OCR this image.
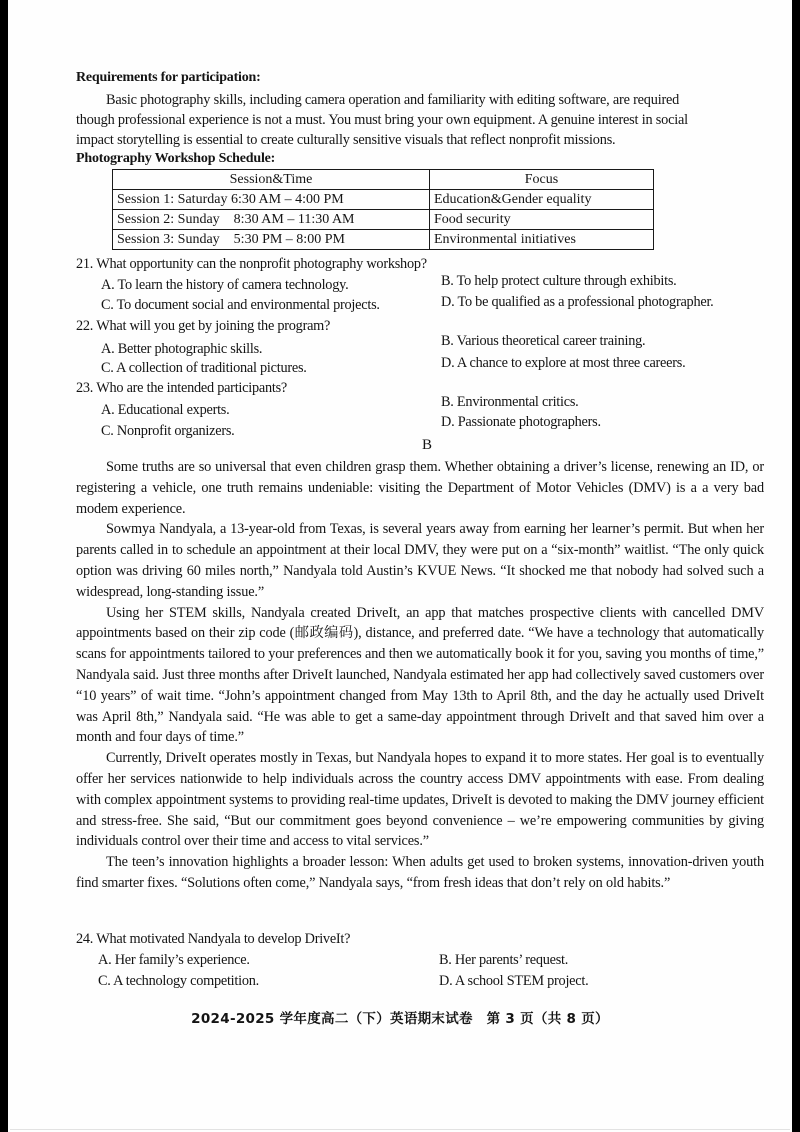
Requirements for participation:
Basic photography skills, including camera operation and familiarity with editing software, are required
though professional experience is not a must. You must bring your own equipment. A genuine interest in social
impact storytelling is essential to create culturally sensitive visuals that reflect nonprofit missions.
Photography Workshop Schedule:
Session&Time	Focus
Session 1: Saturday 6:30 AM – 4:00 PM	Education&Gender equality
Session 2: Sunday    8:30 AM – 11:30 AM	Food security
Session 3: Sunday    5:30 PM – 8:00 PM	Environmental initiatives
21. What opportunity can the nonprofit photography workshop?
A. To learn the history of camera technology.	B. To help protect culture through exhibits.
C. To document social and environmental projects.	D. To be qualified as a professional photographer.
22. What will you get by joining the program?
A. Better photographic skills.	B. Various theoretical career training.
C. A collection of traditional pictures.	D. A chance to explore at most three careers.
23. Who are the intended participants?
A. Educational experts.	B. Environmental critics.
C. Nonprofit organizers.
D. Passionate photographers.
B
Some truths are so universal that even children grasp them. Whether obtaining a driver’s license, renewing an ID, or registering a vehicle, one truth remains undeniable: visiting the Department of Motor Vehicles (DMV) is a a very bad modem experience.
Sowmya Nandyala, a 13-year-old from Texas, is several years away from earning her learner’s permit. But when her parents called in to schedule an appointment at their local DMV, they were put on a “six-month” waitlist. “The only quick option was driving 60 miles north,” Nandyala told Austin’s KVUE News. “It shocked me that nobody had solved such a widespread, long-standing issue.”
Using her STEM skills, Nandyala created DriveIt, an app that matches prospective clients with cancelled DMV appointments based on their zip code (邮政编码), distance, and preferred date. “We have a technology that automatically scans for appointments tailored to your preferences and then we automatically book it for you, saving you months of time,” Nandyala said. Just three months after DriveIt launched, Nandyala estimated her app had collectively saved customers over “10 years” of wait time. “John’s appointment changed from May 13th to April 8th, and the day he actually used DriveIt was April 8th,” Nandyala said. “He was able to get a same-day appointment through DriveIt and that saved him over a month and four days of time.”
Currently, DriveIt operates mostly in Texas, but Nandyala hopes to expand it to more states. Her goal is to eventually offer her services nationwide to help individuals across the country access DMV appointments with ease. From dealing with complex appointment systems to providing real-time updates, DriveIt is devoted to making the DMV journey efficient and stress-free. She said, “But our commitment goes beyond convenience – we’re empowering communities by giving individuals control over their time and access to vital services.”
The teen’s innovation highlights a broader lesson: When adults get used to broken systems, innovation-driven youth find smarter fixes. “Solutions often come,” Nandyala says, “from fresh ideas that don’t rely on old habits.”
24. What motivated Nandyala to develop DriveIt?
A. Her family’s experience.	B. Her parents’ request.
C. A technology competition.	D. A school STEM project.
2024-2025 学年度高二（下）英语期末试卷　第 3 页（共 8 页）
